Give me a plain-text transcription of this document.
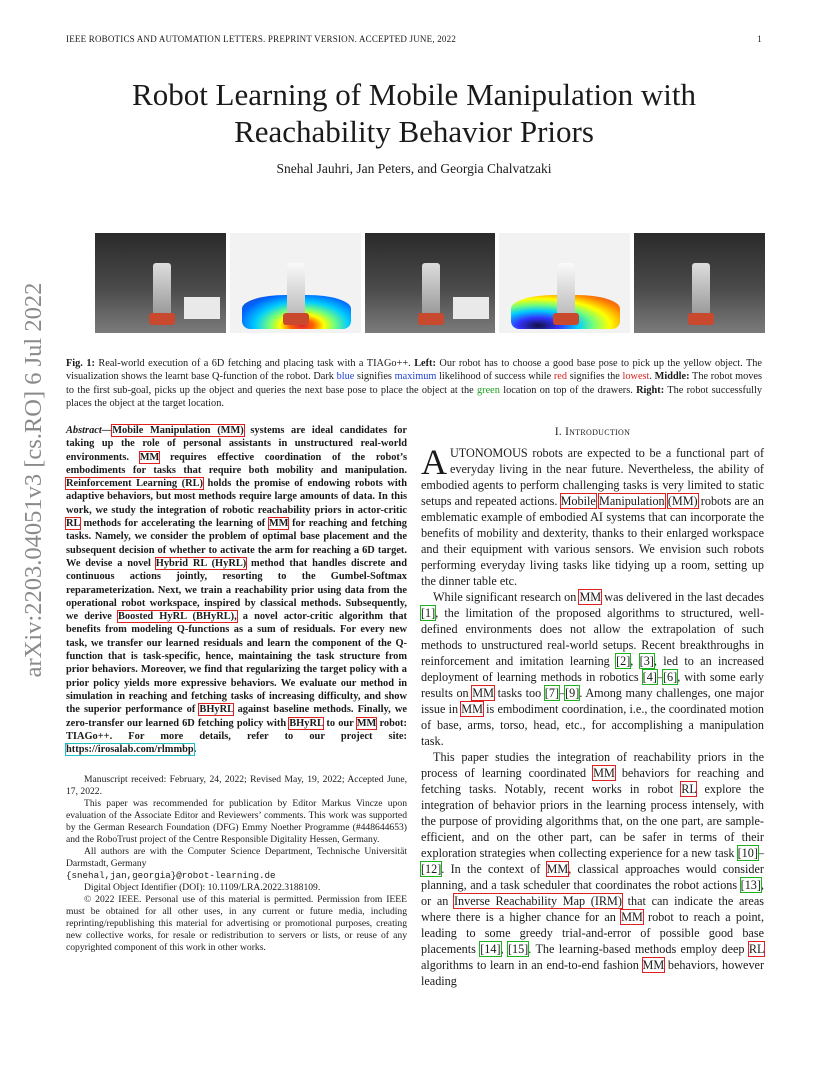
IEEE ROBOTICS AND AUTOMATION LETTERS. PREPRINT VERSION. ACCEPTED JUNE, 2022	1
arXiv:2203.04051v3 [cs.RO] 6 Jul 2022
Robot Learning of Mobile Manipulation with
Reachability Behavior Priors
Snehal Jauhri, Jan Peters, and Georgia Chalvatzaki
Fig. 1: Real-world execution of a 6D fetching and placing task with a TIAGo++. Left: Our robot has to choose a good base pose to pick up the yellow object. The visualization shows the learnt base Q-function of the robot. Dark blue signifies maximum likelihood of success while red signifies the lowest. Middle: The robot moves to the first sub-goal, picks up the object and queries the next base pose to place the object at the green location on top of the drawers. Right: The robot successfully places the object at the target location.
Abstract—Mobile Manipulation (MM) systems are ideal candidates for taking up the role of personal assistants in unstructured real-world environments. MM requires effective coordination of the robot’s embodiments for tasks that require both mobility and manipulation. Reinforcement Learning (RL) holds the promise of endowing robots with adaptive behaviors, but most methods require large amounts of data. In this work, we study the integration of robotic reachability priors in actor-critic RL methods for accelerating the learning of MM for reaching and fetching tasks. Namely, we consider the problem of optimal base placement and the subsequent decision of whether to activate the arm for reaching a 6D target. We devise a novel Hybrid RL (HyRL) method that handles discrete and continuous actions jointly, resorting to the Gumbel-Softmax reparameterization. Next, we train a reachability prior using data from the operational robot workspace, inspired by classical methods. Subsequently, we derive Boosted HyRL (BHyRL), a novel actor-critic algorithm that benefits from modeling Q-functions as a sum of residuals. For every new task, we transfer our learned residuals and learn the component of the Q-function that is task-specific, hence, maintaining the task structure from prior behaviors. Moreover, we find that regularizing the target policy with a prior policy yields more expressive behaviors. We evaluate our method in simulation in reaching and fetching tasks of increasing difficulty, and show the superior performance of BHyRL against baseline methods. Finally, we zero-transfer our learned 6D fetching policy with BHyRL to our MM robot: TIAGo++. For more details, refer to our project site: https://irosalab.com/rlmmbp.

Manuscript received: February, 24, 2022; Revised May, 19, 2022; Accepted June, 17, 2022.

This paper was recommended for publication by Editor Markus Vincze upon evaluation of the Associate Editor and Reviewers’ comments. This work was supported by the German Research Foundation (DFG) Emmy Noether Programme (#448644653) and the RoboTrust project of the Centre Responsible Digitality Hessen, Germany.

All authors are with the Computer Science Department, Technische Universität Darmstadt, Germany

{snehal,jan,georgia}@robot-learning.de

Digital Object Identifier (DOI): 10.1109/LRA.2022.3188109.

© 2022 IEEE. Personal use of this material is permitted. Permission from IEEE must be obtained for all other uses, in any current or future media, including reprinting/republishing this material for advertising or promotional purposes, creating new collective works, for resale or redistribution to servers or lists, or reuse of any copyrighted component of this work in other works.

I. Introduction

AUTONOMOUS robots are expected to be a functional part of everyday living in the near future. Nevertheless, the ability of embodied agents to perform challenging tasks is very limited to static setups and repeated actions. Mobile Manipulation (MM) robots are an emblematic example of embodied AI systems that can incorporate the benefits of mobility and dexterity, thanks to their enlarged workspace and their equipment with various sensors. We envision such robots performing everyday living tasks like tidying up a room, setting up the dinner table etc.

While significant research on MM was delivered in the last decades [1], the limitation of the proposed algorithms to structured, well-defined environments does not allow the extrapolation of such methods to unstructured real-world setups. Recent breakthroughs in reinforcement and imitation learning [2], [3], led to an increased deployment of learning methods in robotics [4]–[6], with some early results on MM tasks too [7]–[9]. Among many challenges, one major issue in MM is embodiment coordination, i.e., the coordinated motion of base, arms, torso, head, etc., for accomplishing a manipulation task.

This paper studies the integration of reachability priors in the process of learning coordinated MM behaviors for reaching and fetching tasks. Notably, recent works in robot RL explore the integration of behavior priors in the learning process intensely, with the purpose of providing algorithms that, on the one part, are sample-efficient, and on the other part, can be safer in terms of their exploration strategies when collecting experience for a new task [10]–[12]. In the context of MM, classical approaches would consider planning, and a task scheduler that coordinates the robot actions [13], or an Inverse Reachability Map (IRM) that can indicate the areas where there is a higher chance for an MM robot to reach a point, leading to some greedy trial-and-error of possible good base placements [14], [15]. The learning-based methods employ deep RL algorithms to learn in an end-to-end fashion MM behaviors, however leading
